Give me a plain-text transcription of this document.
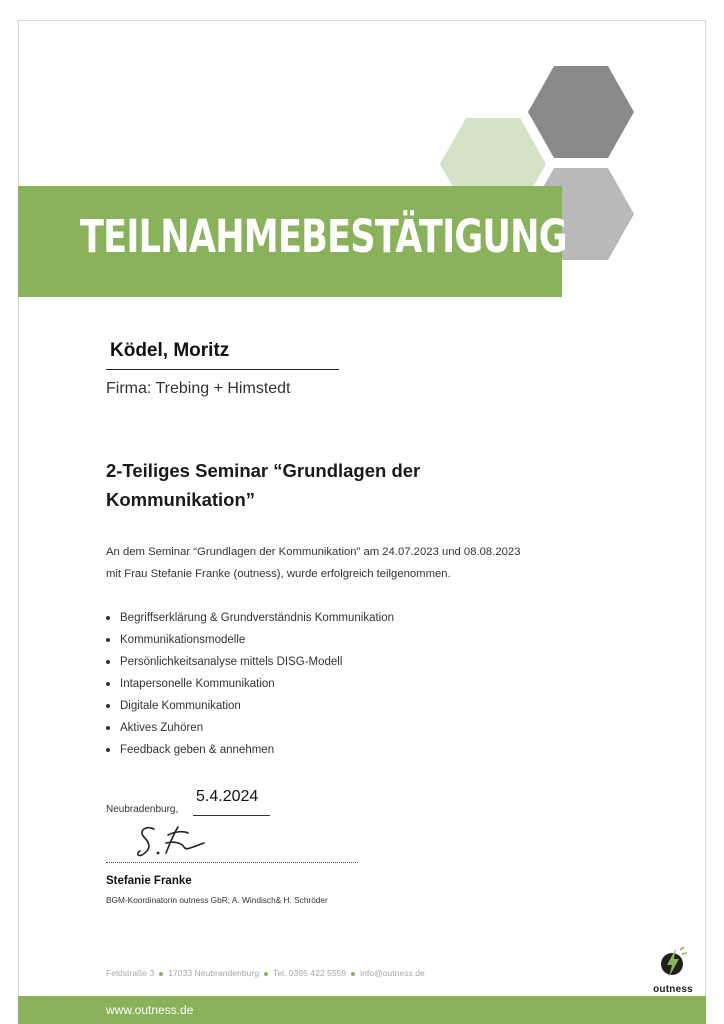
TEILNAHMEBESTÄTIGUNG
Ködel, Moritz
Firma: Trebing + Himstedt
2-Teiliges Seminar “Grundlagen der Kommunikation”
An dem Seminar “Grundlagen der Kommunikation” am 24.07.2023 und 08.08.2023
mit Frau Stefanie Franke (outness), wurde erfolgreich teilgenommen.
Begriffserklärung & Grundverständnis Kommunikation
Kommunikationsmodelle
Persönlichkeitsanalyse mittels DISG-Modell
Intapersonelle Kommunikation
Digitale Kommunikation
Aktives Zuhören
Feedback geben & annehmen
Neubradenburg,
5.4.2024
Stefanie Franke
BGM-Koordinatorin outness GbR; A. Windisch& H. Schröder
Feldstraße 3 17033 Neubrandenburg Tel. 0395 422 5559 info@outness.de
outness
www.outness.de
